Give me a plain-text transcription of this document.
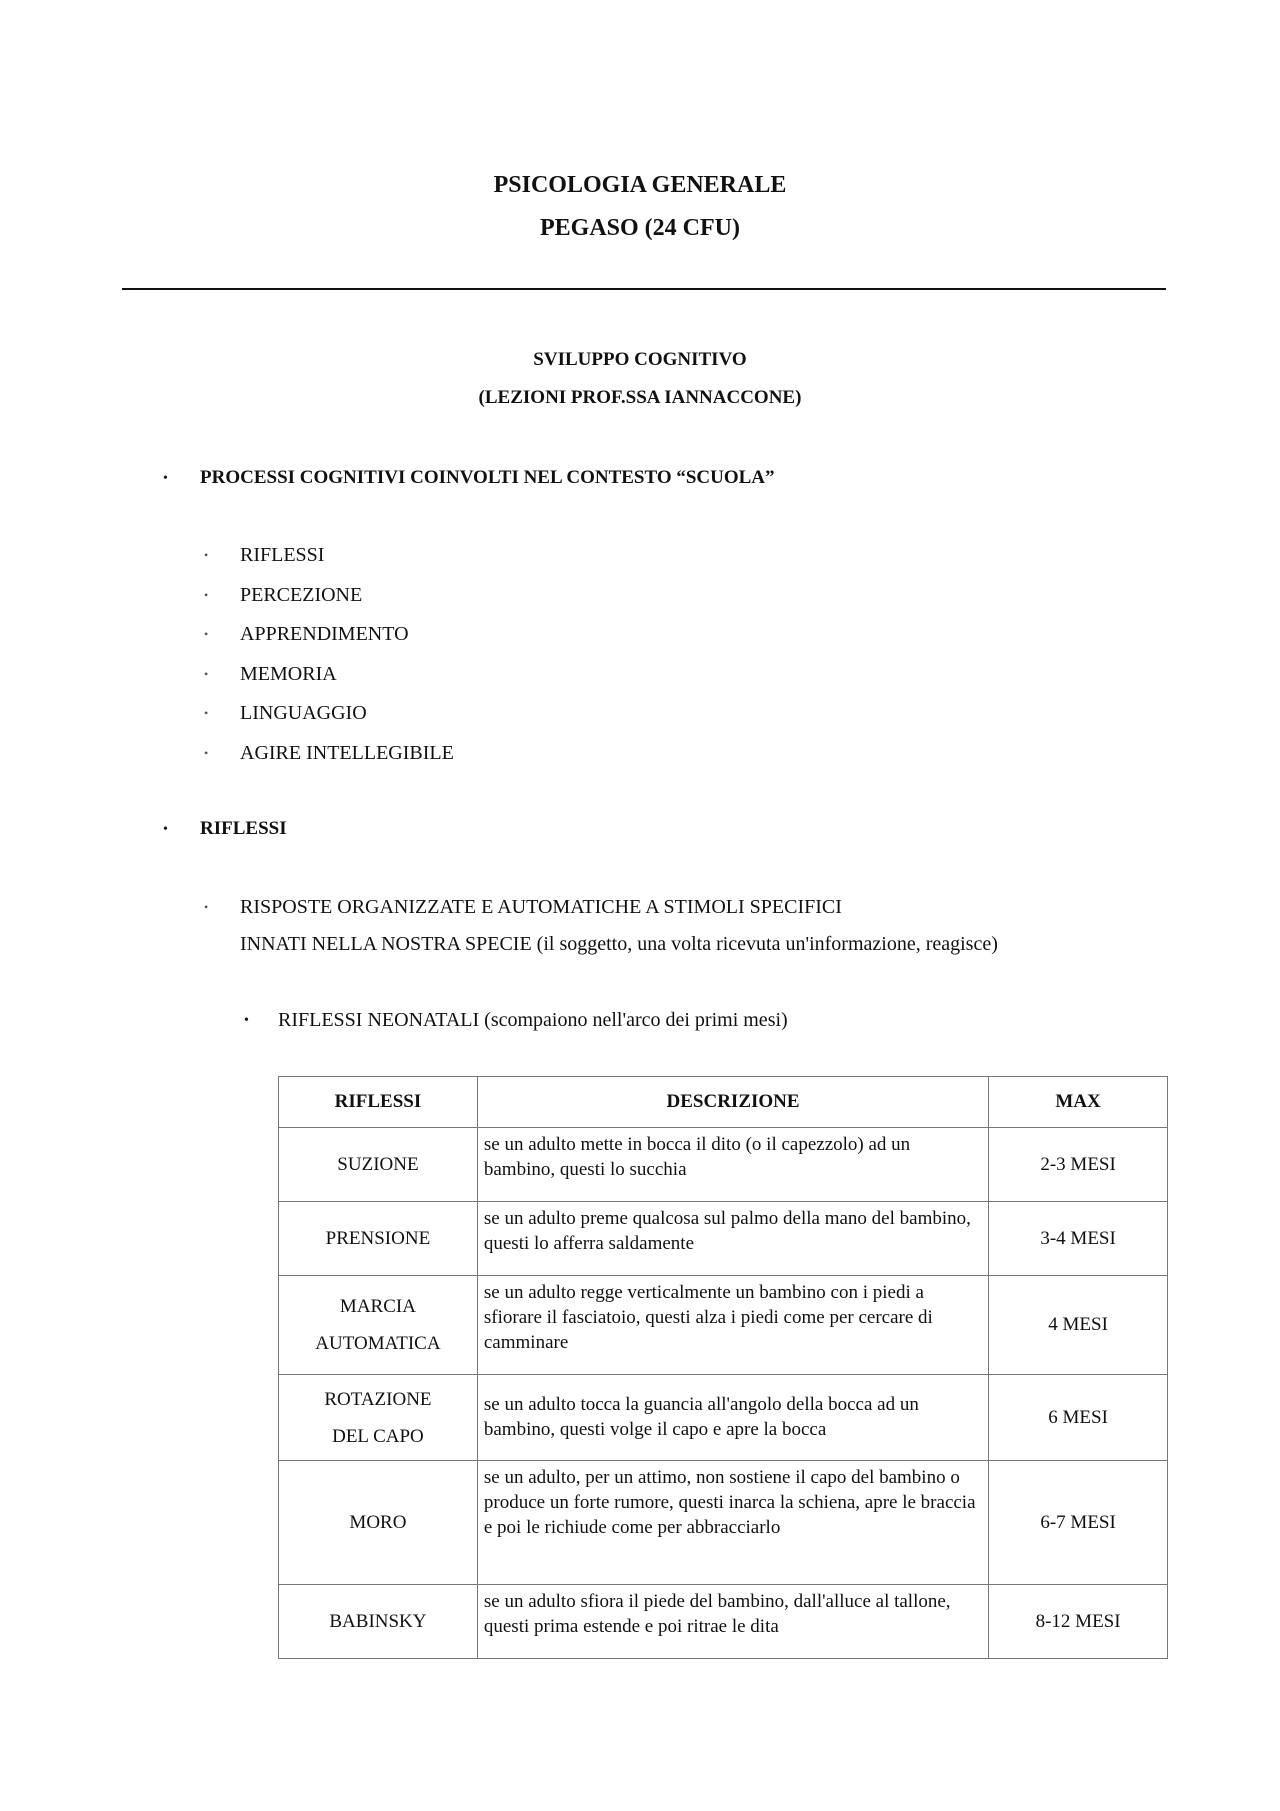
PSICOLOGIA GENERALE
PEGASO (24 CFU)
SVILUPPO COGNITIVO
(LEZIONI PROF.SSA IANNACCONE)
• PROCESSI COGNITIVI COINVOLTI NEL CONTESTO “SCUOLA”
• RIFLESSI
• PERCEZIONE
• APPRENDIMENTO
• MEMORIA
• LINGUAGGIO
• AGIRE INTELLEGIBILE
• RIFLESSI
• RISPOSTE ORGANIZZATE E AUTOMATICHE A STIMOLI SPECIFICI
INNATI NELLA NOSTRA SPECIE (il soggetto, una volta ricevuta un'informazione, reagisce)
• RIFLESSI NEONATALI (scompaiono nell'arco dei primi mesi)
RIFLESSI	DESCRIZIONE	MAX

SUZIONE	se un adulto mette in bocca il dito (o il capezzolo) ad un bambino, questi lo succhia	2-3 MESI

PRENSIONE	se un adulto preme qualcosa sul palmo della mano del bambino, questi lo afferra saldamente	3-4 MESI

MARCIA
AUTOMATICA	se un adulto regge verticalmente un bambino con i piedi a sfiorare il fasciatoio, questi alza i piedi come per cercare di camminare	4 MESI

ROTAZIONE
DEL CAPO	se un adulto tocca la guancia all'angolo della bocca ad un bambino, questi volge il capo e apre la bocca	6 MESI

MORO	se un adulto, per un attimo, non sostiene il capo del bambino o produce un forte rumore, questi inarca la schiena, apre le braccia e poi le richiude come per abbracciarlo	6-7 MESI

BABINSKY	se un adulto sfiora il piede del bambino, dall'alluce al tallone, questi prima estende e poi ritrae le dita	8-12 MESI
